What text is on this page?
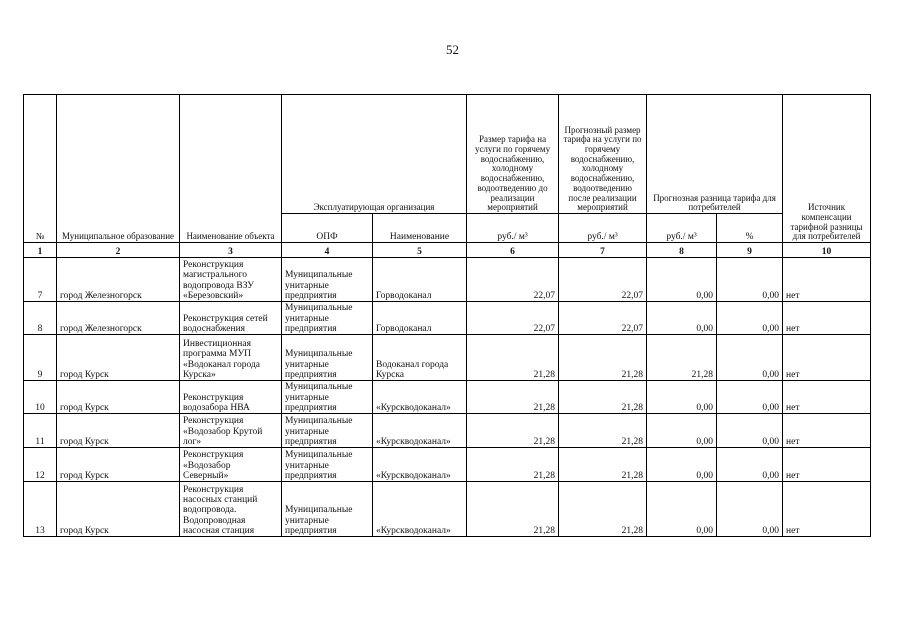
52
№	Муниципальное образование	Наименование объекта	Эксплуатирующая организация		Размер тарифа на услуги по горячему водоснабжению, холодному водоснабжению, водоотведению до реализации мероприятий	Прогнозный размер тарифа на услуги по горячему водоснабжению, холодному водоснабжению, водоотведению после реализации мероприятий	Прогнозная разница тарифа для потребителей		Источник компенсации тарифной разницы для потребителей
			ОПФ	Наименование	руб./ м³	руб./ м³	руб./ м³	%	
1	2	3	4	5	6	7	8	9	10
7	город Железногорск	Реконструкция магистрального водопровода ВЗУ «Березовский»	Муниципальные унитарные предприятия	Горводоканал	22,07	22,07	0,00	0,00	нет
8	город Железногорск	Реконструкция сетей водоснабжения	Муниципальные унитарные предприятия	Горводоканал	22,07	22,07	0,00	0,00	нет
9	город Курск	Инвестиционная программа МУП «Водоканал города Курска»	Муниципальные унитарные предприятия	Водоканал города Курска	21,28	21,28	21,28	0,00	нет
10	город Курск	Реконструкция водозабора НВА	Муниципальные унитарные предприятия	«Курскводоканал»	21,28	21,28	0,00	0,00	нет
11	город Курск	Реконструкция «Водозабор Крутой лог»	Муниципальные унитарные предприятия	«Курскводоканал»	21,28	21,28	0,00	0,00	нет
12	город Курск	Реконструкция «Водозабор Северный»	Муниципальные унитарные предприятия	«Курскводоканал»	21,28	21,28	0,00	0,00	нет
13	город Курск	Реконструкция насосных станций водопровода. Водопроводная насосная станция	Муниципальные унитарные предприятия	«Курскводоканал»	21,28	21,28	0,00	0,00	нет
